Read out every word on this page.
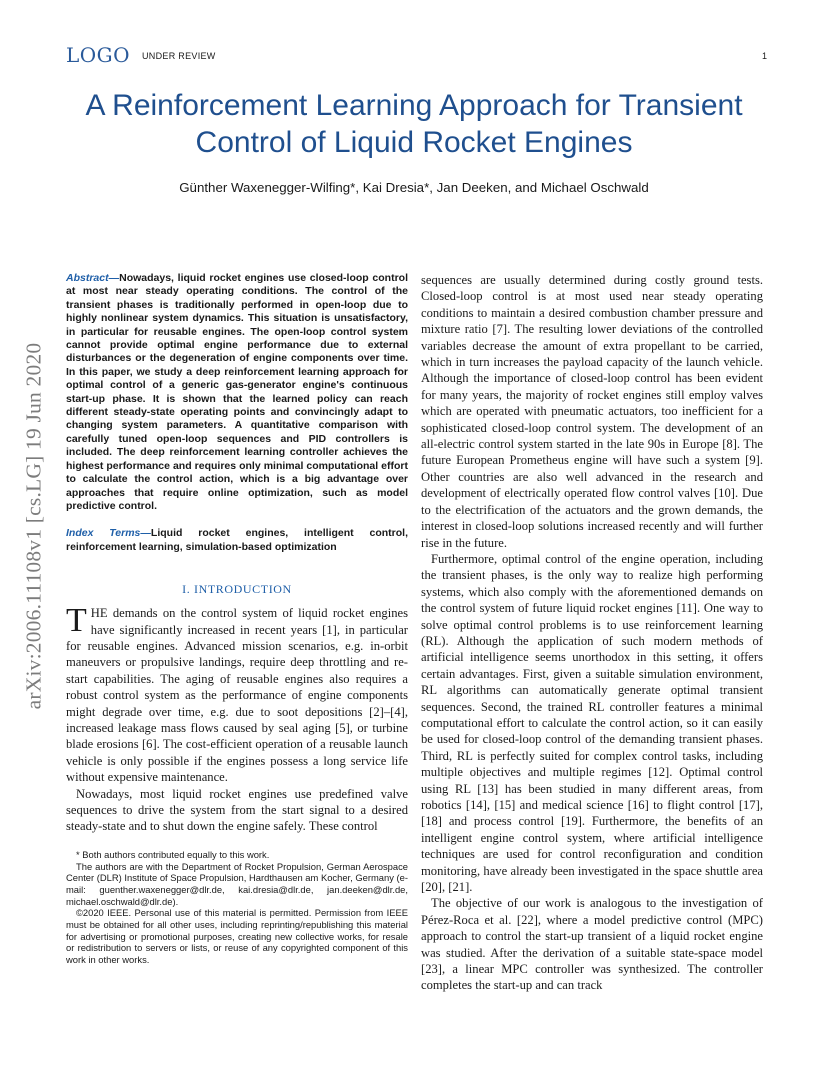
LOGO UNDER REVIEW	1
A Reinforcement Learning Approach for Transient Control of Liquid Rocket Engines
Günther Waxenegger-Wilfing*, Kai Dresia*, Jan Deeken, and Michael Oschwald
arXiv:2006.11108v1 [cs.LG] 19 Jun 2020

Abstract—Nowadays, liquid rocket engines use closed-loop control at most near steady operating conditions. The control of the transient phases is traditionally performed in open-loop due to highly nonlinear system dynamics. This situation is unsatisfactory, in particular for reusable engines. The open-loop control system cannot provide optimal engine performance due to external disturbances or the degeneration of engine components over time. In this paper, we study a deep reinforcement learning approach for optimal control of a generic gas-generator engine's continuous start-up phase. It is shown that the learned policy can reach different steady-state operating points and convincingly adapt to changing system parameters. A quantitative comparison with carefully tuned open-loop sequences and PID controllers is included. The deep reinforcement learning controller achieves the highest performance and requires only minimal computational effort to calculate the control action, which is a big advantage over approaches that require online optimization, such as model predictive control.

Index Terms—Liquid rocket engines, intelligent control, reinforcement learning, simulation-based optimization

I. INTRODUCTION

THE demands on the control system of liquid rocket engines have significantly increased in recent years [1], in particular for reusable engines. Advanced mission scenarios, e.g. in-orbit maneuvers or propulsive landings, require deep throttling and re-start capabilities. The aging of reusable engines also requires a robust control system as the performance of engine components might degrade over time, e.g. due to soot depositions [2]–[4], increased leakage mass flows caused by seal aging [5], or turbine blade erosions [6]. The cost-efficient operation of a reusable launch vehicle is only possible if the engines possess a long service life without expensive maintenance.

Nowadays, most liquid rocket engines use predefined valve sequences to drive the system from the start signal to a desired steady-state and to shut down the engine safely. These control

* Both authors contributed equally to this work.

The authors are with the Department of Rocket Propulsion, German Aerospace Center (DLR) Institute of Space Propulsion, Hardthausen am Kocher, Germany (e-mail: guenther.waxenegger@dlr.de, kai.dresia@dlr.de, jan.deeken@dlr.de, michael.oschwald@dlr.de).

©2020 IEEE. Personal use of this material is permitted. Permission from IEEE must be obtained for all other uses, including reprinting/republishing this material for advertising or promotional purposes, creating new collective works, for resale or redistribution to servers or lists, or reuse of any copyrighted component of this work in other works.

sequences are usually determined during costly ground tests. Closed-loop control is at most used near steady operating conditions to maintain a desired combustion chamber pressure and mixture ratio [7]. The resulting lower deviations of the controlled variables decrease the amount of extra propellant to be carried, which in turn increases the payload capacity of the launch vehicle. Although the importance of closed-loop control has been evident for many years, the majority of rocket engines still employ valves which are operated with pneumatic actuators, too inefficient for a sophisticated closed-loop control system. The development of an all-electric control system started in the late 90s in Europe [8]. The future European Prometheus engine will have such a system [9]. Other countries are also well advanced in the research and development of electrically operated flow control valves [10]. Due to the electrification of the actuators and the grown demands, the interest in closed-loop solutions increased recently and will further rise in the future.

Furthermore, optimal control of the engine operation, including the transient phases, is the only way to realize high performing systems, which also comply with the aforementioned demands on the control system of future liquid rocket engines [11]. One way to solve optimal control problems is to use reinforcement learning (RL). Although the application of such modern methods of artificial intelligence seems unorthodox in this setting, it offers certain advantages. First, given a suitable simulation environment, RL algorithms can automatically generate optimal transient sequences. Second, the trained RL controller features a minimal computational effort to calculate the control action, so it can easily be used for closed-loop control of the demanding transient phases. Third, RL is perfectly suited for complex control tasks, including multiple objectives and multiple regimes [12]. Optimal control using RL [13] has been studied in many different areas, from robotics [14], [15] and medical science [16] to flight control [17], [18] and process control [19]. Furthermore, the benefits of an intelligent engine control system, where artificial intelligence techniques are used for control reconfiguration and condition monitoring, have already been investigated in the space shuttle area [20], [21].

The objective of our work is analogous to the investigation of Pérez-Roca et al. [22], where a model predictive control (MPC) approach to control the start-up transient of a liquid rocket engine was studied. After the derivation of a suitable state-space model [23], a linear MPC controller was synthesized. The controller completes the start-up and can track
